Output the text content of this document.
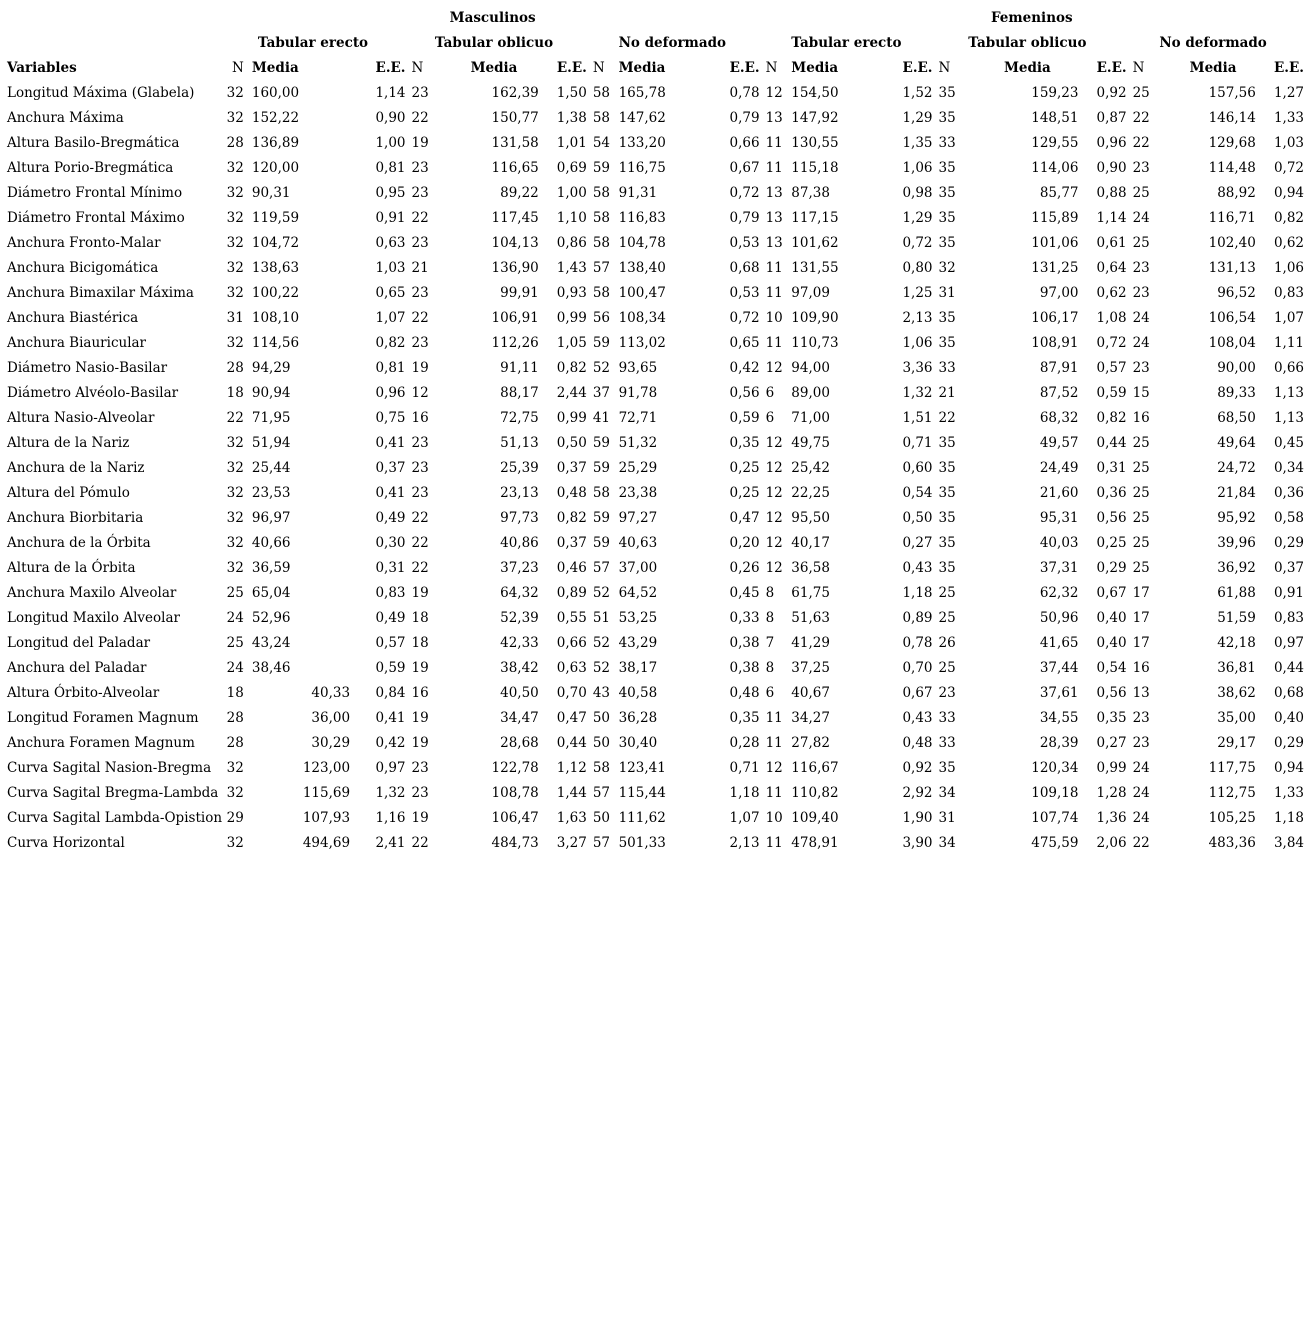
	Masculinos									Femeninos								
		Tabular erecto			Tabular oblicuo			No deformado			Tabular erecto			Tabular oblicuo			No deformado	
Variables	N	Media	E.E.	N	Media	E.E.	N	Media	E.E.	N	Media	E.E.	N	Media	E.E.	N	Media	E.E.
Longitud Máxima (Glabela)	32	160,00	1,14	23	162,39	1,50	58	165,78	0,78	12	154,50	1,52	35	159,23	0,92	25	157,56	1,27
Anchura Máxima	32	152,22	0,90	22	150,77	1,38	58	147,62	0,79	13	147,92	1,29	35	148,51	0,87	22	146,14	1,33
Altura Basilo-Bregmática	28	136,89	1,00	19	131,58	1,01	54	133,20	0,66	11	130,55	1,35	33	129,55	0,96	22	129,68	1,03
Altura Porio-Bregmática	32	120,00	0,81	23	116,65	0,69	59	116,75	0,67	11	115,18	1,06	35	114,06	0,90	23	114,48	0,72
Diámetro Frontal Mínimo	32	90,31	0,95	23	89,22	1,00	58	91,31	0,72	13	87,38	0,98	35	85,77	0,88	25	88,92	0,94
Diámetro Frontal Máximo	32	119,59	0,91	22	117,45	1,10	58	116,83	0,79	13	117,15	1,29	35	115,89	1,14	24	116,71	0,82
Anchura Fronto-Malar	32	104,72	0,63	23	104,13	0,86	58	104,78	0,53	13	101,62	0,72	35	101,06	0,61	25	102,40	0,62
Anchura Bicigomática	32	138,63	1,03	21	136,90	1,43	57	138,40	0,68	11	131,55	0,80	32	131,25	0,64	23	131,13	1,06
Anchura Bimaxilar Máxima	32	100,22	0,65	23	99,91	0,93	58	100,47	0,53	11	97,09	1,25	31	97,00	0,62	23	96,52	0,83
Anchura Biastérica	31	108,10	1,07	22	106,91	0,99	56	108,34	0,72	10	109,90	2,13	35	106,17	1,08	24	106,54	1,07
Anchura Biauricular	32	114,56	0,82	23	112,26	1,05	59	113,02	0,65	11	110,73	1,06	35	108,91	0,72	24	108,04	1,11
Diámetro Nasio-Basilar	28	94,29	0,81	19	91,11	0,82	52	93,65	0,42	12	94,00	3,36	33	87,91	0,57	23	90,00	0,66
Diámetro Alvéolo-Basilar	18	90,94	0,96	12	88,17	2,44	37	91,78	0,56	6	89,00	1,32	21	87,52	0,59	15	89,33	1,13
Altura Nasio-Alveolar	22	71,95	0,75	16	72,75	0,99	41	72,71	0,59	6	71,00	1,51	22	68,32	0,82	16	68,50	1,13
Altura de la Nariz	32	51,94	0,41	23	51,13	0,50	59	51,32	0,35	12	49,75	0,71	35	49,57	0,44	25	49,64	0,45
Anchura de la Nariz	32	25,44	0,37	23	25,39	0,37	59	25,29	0,25	12	25,42	0,60	35	24,49	0,31	25	24,72	0,34
Altura del Pómulo	32	23,53	0,41	23	23,13	0,48	58	23,38	0,25	12	22,25	0,54	35	21,60	0,36	25	21,84	0,36
Anchura Biorbitaria	32	96,97	0,49	22	97,73	0,82	59	97,27	0,47	12	95,50	0,50	35	95,31	0,56	25	95,92	0,58
Anchura de la Órbita	32	40,66	0,30	22	40,86	0,37	59	40,63	0,20	12	40,17	0,27	35	40,03	0,25	25	39,96	0,29
Altura de la Órbita	32	36,59	0,31	22	37,23	0,46	57	37,00	0,26	12	36,58	0,43	35	37,31	0,29	25	36,92	0,37
Anchura Maxilo Alveolar	25	65,04	0,83	19	64,32	0,89	52	64,52	0,45	8	61,75	1,18	25	62,32	0,67	17	61,88	0,91
Longitud Maxilo Alveolar	24	52,96	0,49	18	52,39	0,55	51	53,25	0,33	8	51,63	0,89	25	50,96	0,40	17	51,59	0,83
Longitud del Paladar	25	43,24	0,57	18	42,33	0,66	52	43,29	0,38	7	41,29	0,78	26	41,65	0,40	17	42,18	0,97
Anchura del Paladar	24	38,46	0,59	19	38,42	0,63	52	38,17	0,38	8	37,25	0,70	25	37,44	0,54	16	36,81	0,44
Altura Órbito-Alveolar	18	40,33	0,84	16	40,50	0,70	43	40,58	0,48	6	40,67	0,67	23	37,61	0,56	13	38,62	0,68
Longitud Foramen Magnum	28	36,00	0,41	19	34,47	0,47	50	36,28	0,35	11	34,27	0,43	33	34,55	0,35	23	35,00	0,40
Anchura Foramen Magnum	28	30,29	0,42	19	28,68	0,44	50	30,40	0,28	11	27,82	0,48	33	28,39	0,27	23	29,17	0,29
Curva Sagital Nasion-Bregma	32	123,00	0,97	23	122,78	1,12	58	123,41	0,71	12	116,67	0,92	35	120,34	0,99	24	117,75	0,94
Curva Sagital Bregma-Lambda	32	115,69	1,32	23	108,78	1,44	57	115,44	1,18	11	110,82	2,92	34	109,18	1,28	24	112,75	1,33
Curva Sagital Lambda-Opistion	29	107,93	1,16	19	106,47	1,63	50	111,62	1,07	10	109,40	1,90	31	107,74	1,36	24	105,25	1,18
Curva Horizontal	32	494,69	2,41	22	484,73	3,27	57	501,33	2,13	11	478,91	3,90	34	475,59	2,06	22	483,36	3,84
